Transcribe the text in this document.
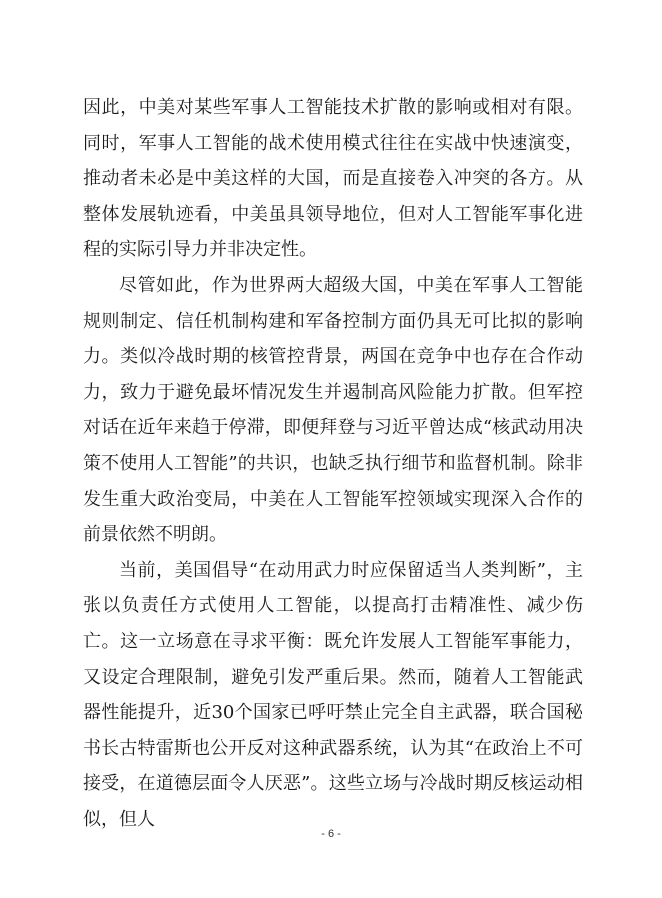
因此，中美对某些军事人工智能技术扩散的影响或相对有限。同时，军事人工智能的战术使用模式往往在实战中快速演变，推动者未必是中美这样的大国，而是直接卷入冲突的各方。从整体发展轨迹看，中美虽具领导地位，但对人工智能军事化进程的实际引导力并非决定性。

尽管如此，作为世界两大超级大国，中美在军事人工智能规则制定、信任机制构建和军备控制方面仍具无可比拟的影响力。类似冷战时期的核管控背景，两国在竞争中也存在合作动力，致力于避免最坏情况发生并遏制高风险能力扩散。但军控对话在近年来趋于停滞，即便拜登与习近平曾达成“核武动用决策不使用人工智能”的共识，也缺乏执行细节和监督机制。除非发生重大政治变局，中美在人工智能军控领域实现深入合作的前景依然不明朗。

当前，美国倡导“在动用武力时应保留适当人类判断”，主张以负责任方式使用人工智能，以提高打击精准性、减少伤亡。这一立场意在寻求平衡：既允许发展人工智能军事能力，又设定合理限制，避免引发严重后果。然而，随着人工智能武器性能提升，近30个国家已呼吁禁止完全自主武器，联合国秘书长古特雷斯也公开反对这种武器系统，认为其“在政治上不可接受，在道德层面令人厌恶”。这些立场与冷战时期反核运动相似，但人

- 6 -
